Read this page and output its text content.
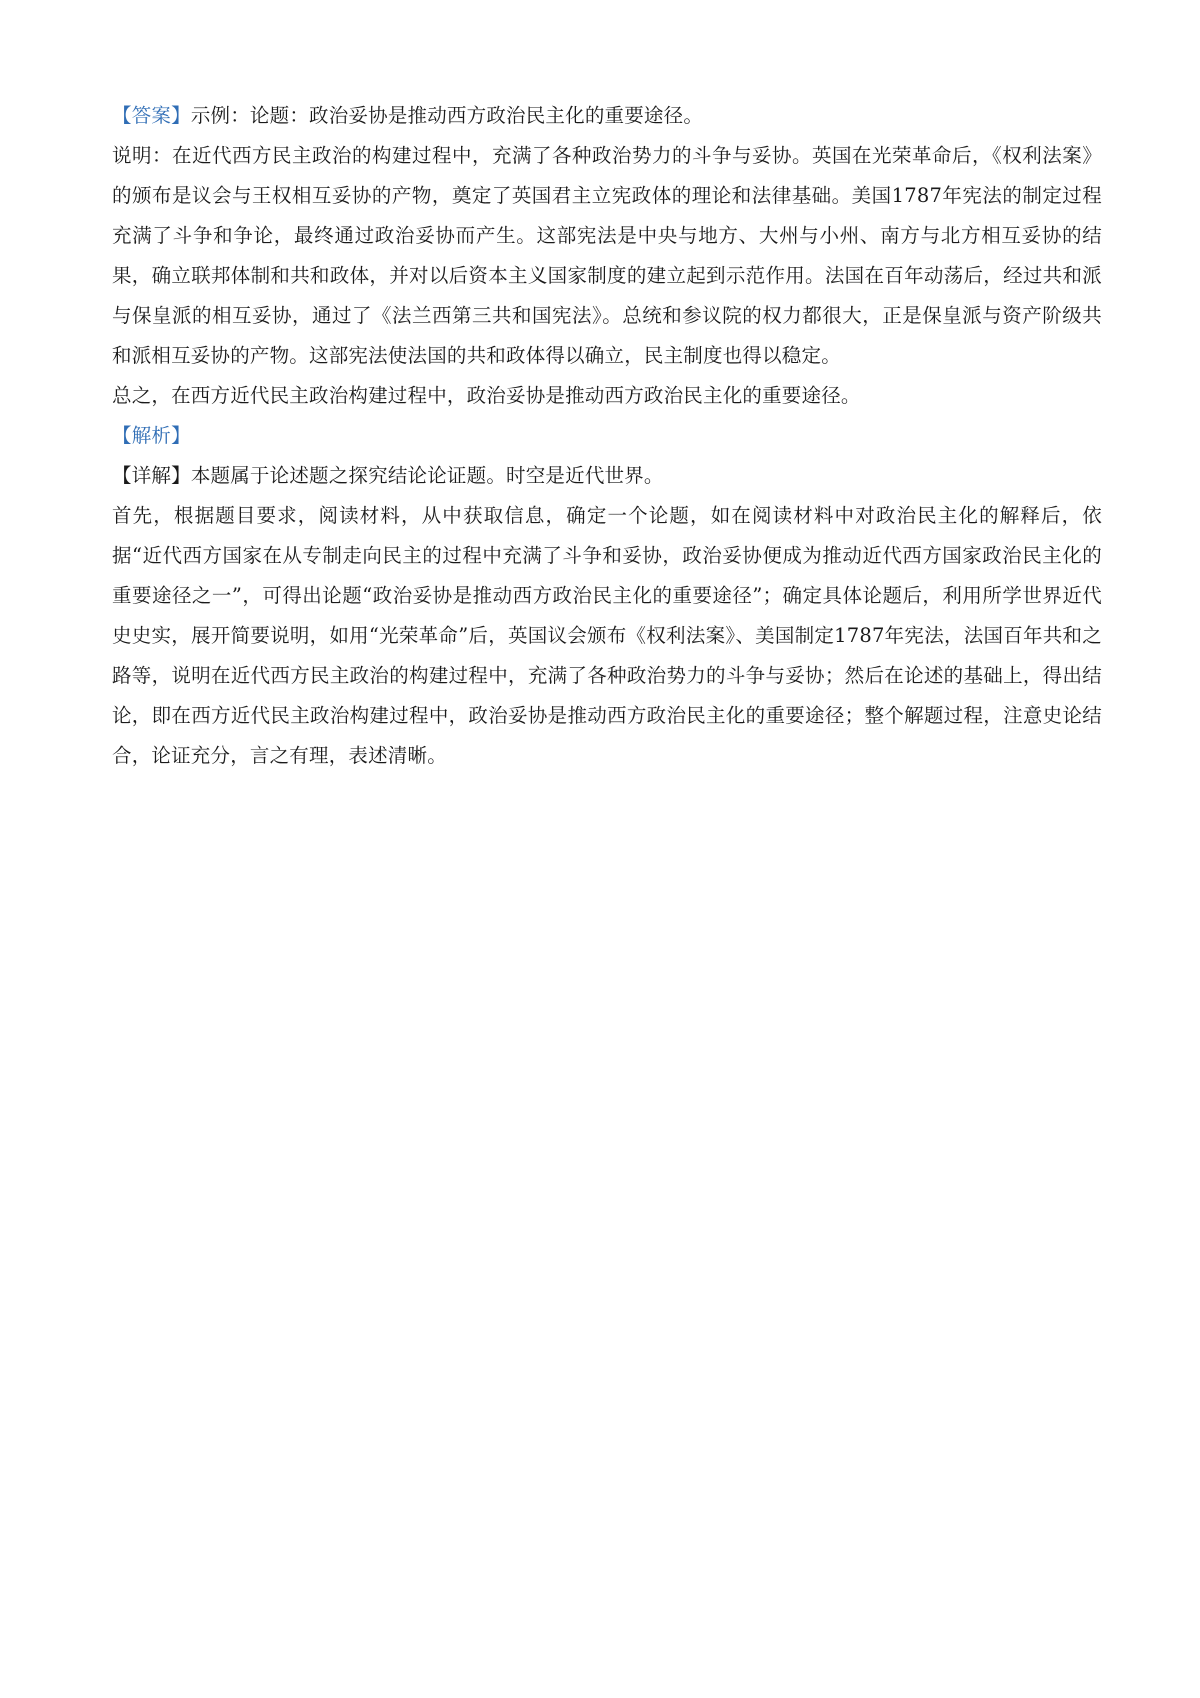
【答案】示例：论题：政治妥协是推动西方政治民主化的重要途径。

说明：在近代西方民主政治的构建过程中，充满了各种政治势力的斗争与妥协。英国在光荣革命后，《权利法案》的颁布是议会与王权相互妥协的产物，奠定了英国君主立宪政体的理论和法律基础。美国1787年宪法的制定过程充满了斗争和争论，最终通过政治妥协而产生。这部宪法是中央与地方、大州与小州、南方与北方相互妥协的结果，确立联邦体制和共和政体，并对以后资本主义国家制度的建立起到示范作用。法国在百年动荡后，经过共和派与保皇派的相互妥协，通过了《法兰西第三共和国宪法》。总统和参议院的权力都很大，正是保皇派与资产阶级共和派相互妥协的产物。这部宪法使法国的共和政体得以确立，民主制度也得以稳定。

总之，在西方近代民主政治构建过程中，政治妥协是推动西方政治民主化的重要途径。

【解析】

【详解】本题属于论述题之探究结论论证题。时空是近代世界。

首先，根据题目要求，阅读材料，从中获取信息，确定一个论题，如在阅读材料中对政治民主化的解释后，依据“近代西方国家在从专制走向民主的过程中充满了斗争和妥协，政治妥协便成为推动近代西方国家政治民主化的重要途径之一”，可得出论题“政治妥协是推动西方政治民主化的重要途径”；确定具体论题后，利用所学世界近代史史实，展开简要说明，如用“光荣革命”后，英国议会颁布《权利法案》、美国制定1787年宪法，法国百年共和之路等，说明在近代西方民主政治的构建过程中，充满了各种政治势力的斗争与妥协；然后在论述的基础上，得出结论，即在西方近代民主政治构建过程中，政治妥协是推动西方政治民主化的重要途径；整个解题过程，注意史论结合，论证充分，言之有理，表述清晰。
